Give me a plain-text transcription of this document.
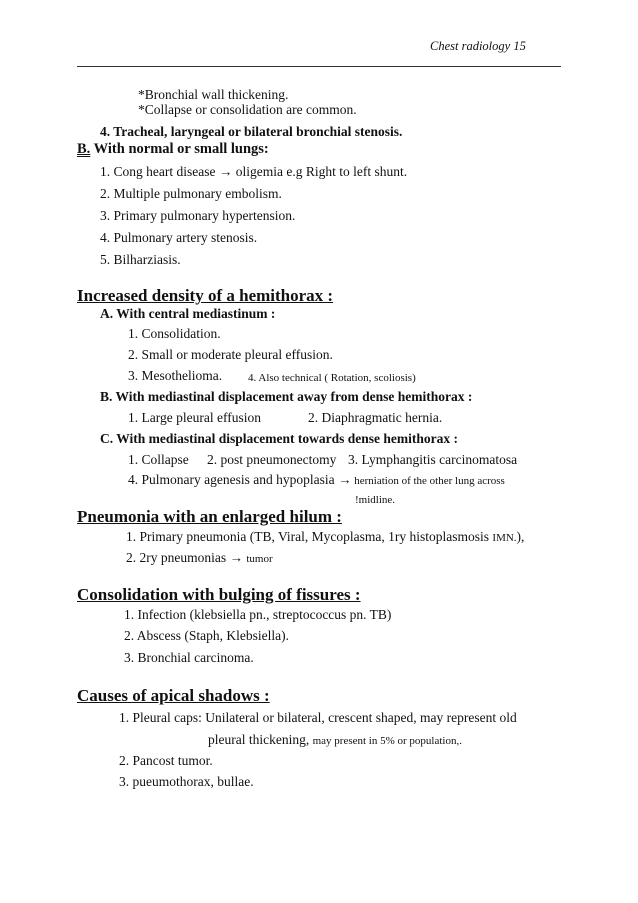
Chest radiology 15
*Bronchial wall thickening.
*Collapse or consolidation are common.
4. Tracheal, laryngeal or bilateral bronchial stenosis.
B. With normal or small lungs:
1. Cong heart disease → oligemia e.g Right to left shunt.
2. Multiple pulmonary embolism.
3. Primary pulmonary hypertension.
4. Pulmonary artery stenosis.
5. Bilharziasis.
Increased density of a hemithorax :
A. With central mediastinum :
1. Consolidation.
2. Small or moderate pleural effusion.
3. Mesothelioma. 4. Also technical ( Rotation, scoliosis)
B. With mediastinal displacement away from dense hemithorax :
1. Large pleural effusion	2. Diaphragmatic hernia.
C. With mediastinal displacement towards dense hemithorax :
1. Collapse 2. post pneumonectomy 3. Lymphangitis carcinomatosa
4. Pulmonary agenesis and hypoplasia → herniation of the other lung across
!midline.
Pneumonia with an enlarged hilum :
1. Primary pneumonia (TB, Viral, Mycoplasma, 1ry histoplasmosis IMN.),
2. 2ry pneumonias → tumor
Consolidation with bulging of fissures :
1. Infection (klebsiella pn., streptococcus pn. TB)
2. Abscess (Staph, Klebsiella).
3. Bronchial carcinoma.
Causes of apical shadows :
1. Pleural caps: Unilateral or bilateral, crescent shaped, may represent old
pleural thickening, may present in 5% or population,.
2. Pancost tumor.
3. pueumothorax, bullae.
